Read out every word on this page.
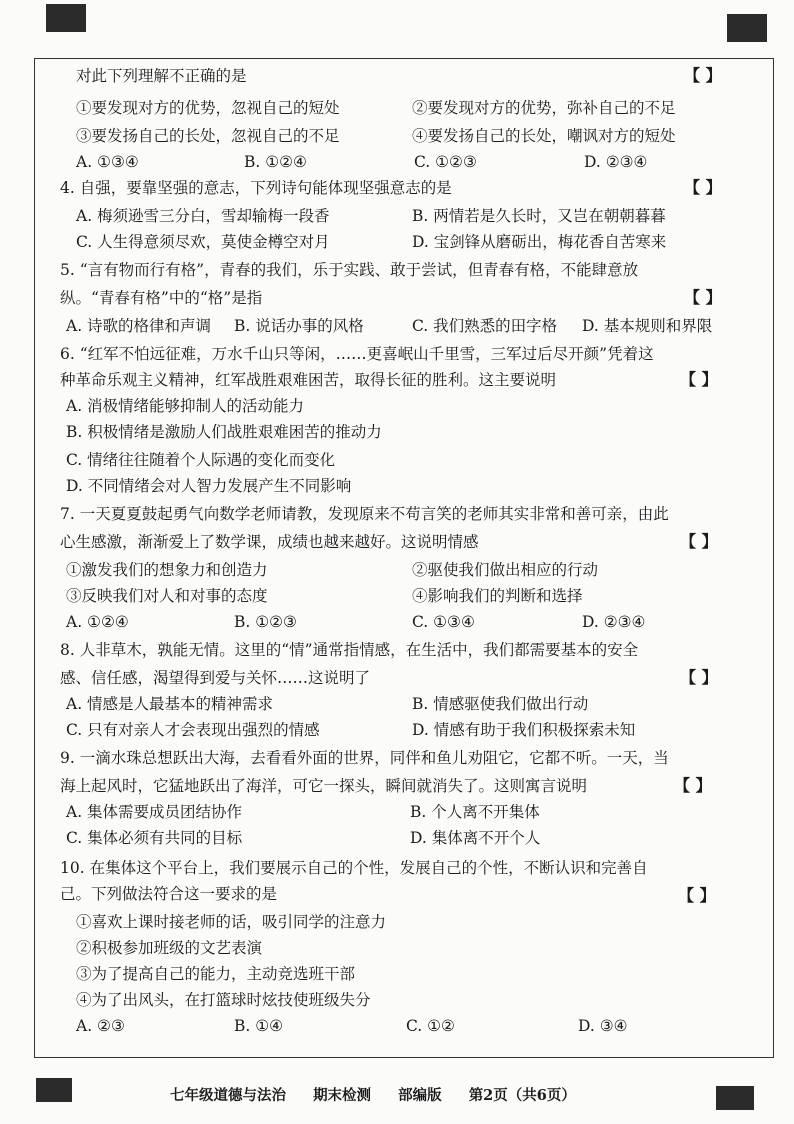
对此下列理解不正确的是	【 】
①要发现对方的优势，忽视自己的短处	②要发现对方的优势，弥补自己的不足
③要发扬自己的长处，忽视自己的不足	④要发扬自己的长处，嘲讽对方的短处
A. ①③④	B. ①②④	C. ①②③	D. ②③④
4. 自强，要靠坚强的意志，下列诗句能体现坚强意志的是	【 】
A. 梅须逊雪三分白，雪却输梅一段香	B. 两情若是久长时，又岂在朝朝暮暮
C. 人生得意须尽欢，莫使金樽空对月	D. 宝剑锋从磨砺出，梅花香自苦寒来
5. “言有物而行有格”，青春的我们，乐于实践、敢于尝试，但青春有格，不能肆意放
纵。“青春有格”中的“格”是指	【 】
A. 诗歌的格律和声调 B. 说话办事的风格	C. 我们熟悉的田字格 D. 基本规则和界限
6. “红军不怕远征难，万水千山只等闲，……更喜岷山千里雪，三军过后尽开颜”凭着这
种革命乐观主义精神，红军战胜艰难困苦，取得长征的胜利。这主要说明	【 】
A. 消极情绪能够抑制人的活动能力
B. 积极情绪是激励人们战胜艰难困苦的推动力
C. 情绪往往随着个人际遇的变化而变化
D. 不同情绪会对人智力发展产生不同影响
7. 一天夏夏鼓起勇气向数学老师请教，发现原来不苟言笑的老师其实非常和善可亲，由此
心生感激，渐渐爱上了数学课，成绩也越来越好。这说明情感	【 】
①激发我们的想象力和创造力	②驱使我们做出相应的行动
③反映我们对人和对事的态度	④影响我们的判断和选择
A. ①②④	B. ①②③	C. ①③④	D. ②③④
8. 人非草木，孰能无情。这里的“情”通常指情感，在生活中，我们都需要基本的安全
感、信任感，渴望得到爱与关怀……这说明了	【 】
A. 情感是人最基本的精神需求	B. 情感驱使我们做出行动
C. 只有对亲人才会表现出强烈的情感	D. 情感有助于我们积极探索未知
9. 一滴水珠总想跃出大海，去看看外面的世界，同伴和鱼儿劝阻它，它都不听。一天，当
海上起风时，它猛地跃出了海洋，可它一探头，瞬间就消失了。这则寓言说明	【 】
A. 集体需要成员团结协作	B. 个人离不开集体
C. 集体必须有共同的目标	D. 集体离不开个人
10. 在集体这个平台上，我们要展示自己的个性，发展自己的个性，不断认识和完善自
己。下列做法符合这一要求的是	【 】
①喜欢上课时接老师的话，吸引同学的注意力
②积极参加班级的文艺表演
③为了提高自己的能力，主动竞选班干部
④为了出风头，在打篮球时炫技使班级失分
A. ②③	B. ①④	C. ①②	D. ③④
七年级道德与法治 期末检测 部编版 第2页（共6页）
